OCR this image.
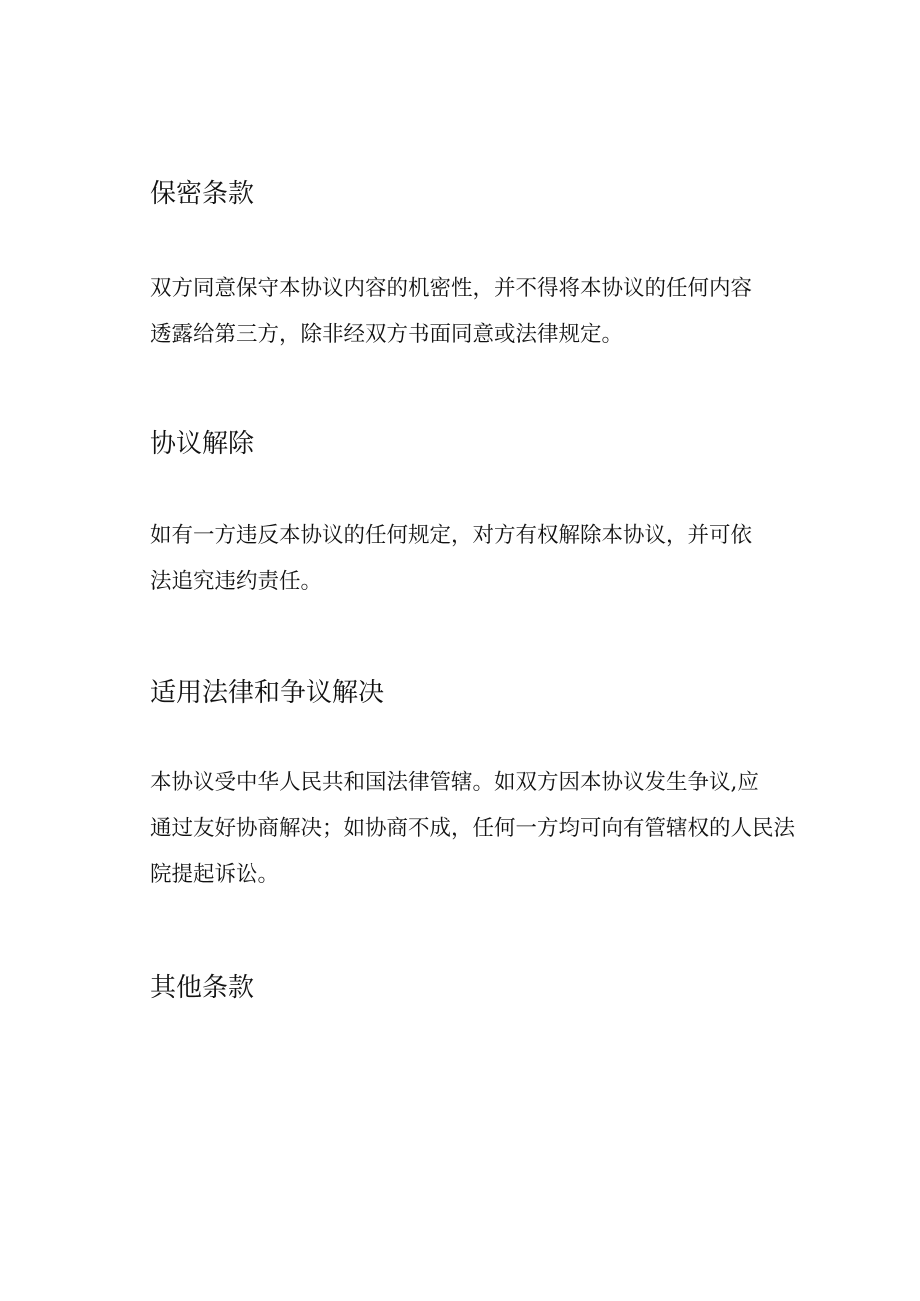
保密条款

双方同意保守本协议内容的机密性，并不得将本协议的任何内容
透露给第三方，除非经双方书面同意或法律规定。

协议解除

如有一方违反本协议的任何规定，对方有权解除本协议，并可依
法追究违约责任。

适用法律和争议解决

本协议受中华人民共和国法律管辖。如双方因本协议发生争议,应
通过友好协商解决；如协商不成，任何一方均可向有管辖权的人民法
院提起诉讼。

其他条款
